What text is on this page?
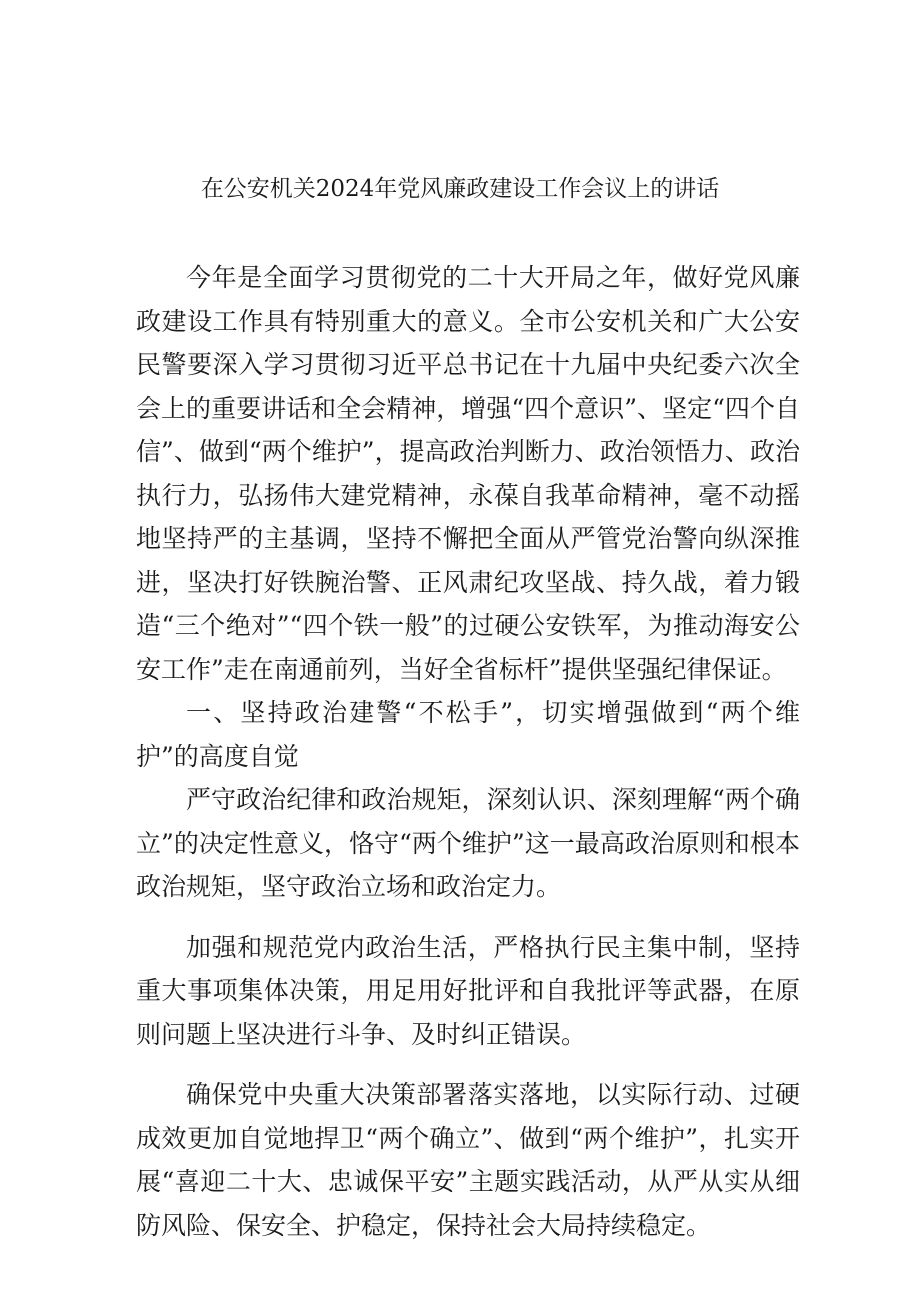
在公安机关2024年党风廉政建设工作会议上的讲话

今年是全面学习贯彻党的二十大开局之年，做好党风廉政建设工作具有特别重大的意义。全市公安机关和广大公安民警要深入学习贯彻习近平总书记在十九届中央纪委六次全会上的重要讲话和全会精神，增强“四个意识”、坚定“四个自信”、做到“两个维护”，提高政治判断力、政治领悟力、政治执行力，弘扬伟大建党精神，永葆自我革命精神，毫不动摇地坚持严的主基调，坚持不懈把全面从严管党治警向纵深推进，坚决打好铁腕治警、正风肃纪攻坚战、持久战，着力锻造“三个绝对”“四个铁一般”的过硬公安铁军，为推动海安公安工作”走在南通前列，当好全省标杆”提供坚强纪律保证。

一、坚持政治建警“不松手”，切实增强做到“两个维护”的高度自觉

严守政治纪律和政治规矩，深刻认识、深刻理解“两个确立”的决定性意义，恪守“两个维护”这一最高政治原则和根本政治规矩，坚守政治立场和政治定力。

加强和规范党内政治生活，严格执行民主集中制，坚持重大事项集体决策，用足用好批评和自我批评等武器，在原则问题上坚决进行斗争、及时纠正错误。

确保党中央重大决策部署落实落地，以实际行动、过硬成效更加自觉地捍卫“两个确立”、做到“两个维护”，扎实开展“喜迎二十大、忠诚保平安”主题实践活动，从严从实从细防风险、保安全、护稳定，保持社会大局持续稳定。
